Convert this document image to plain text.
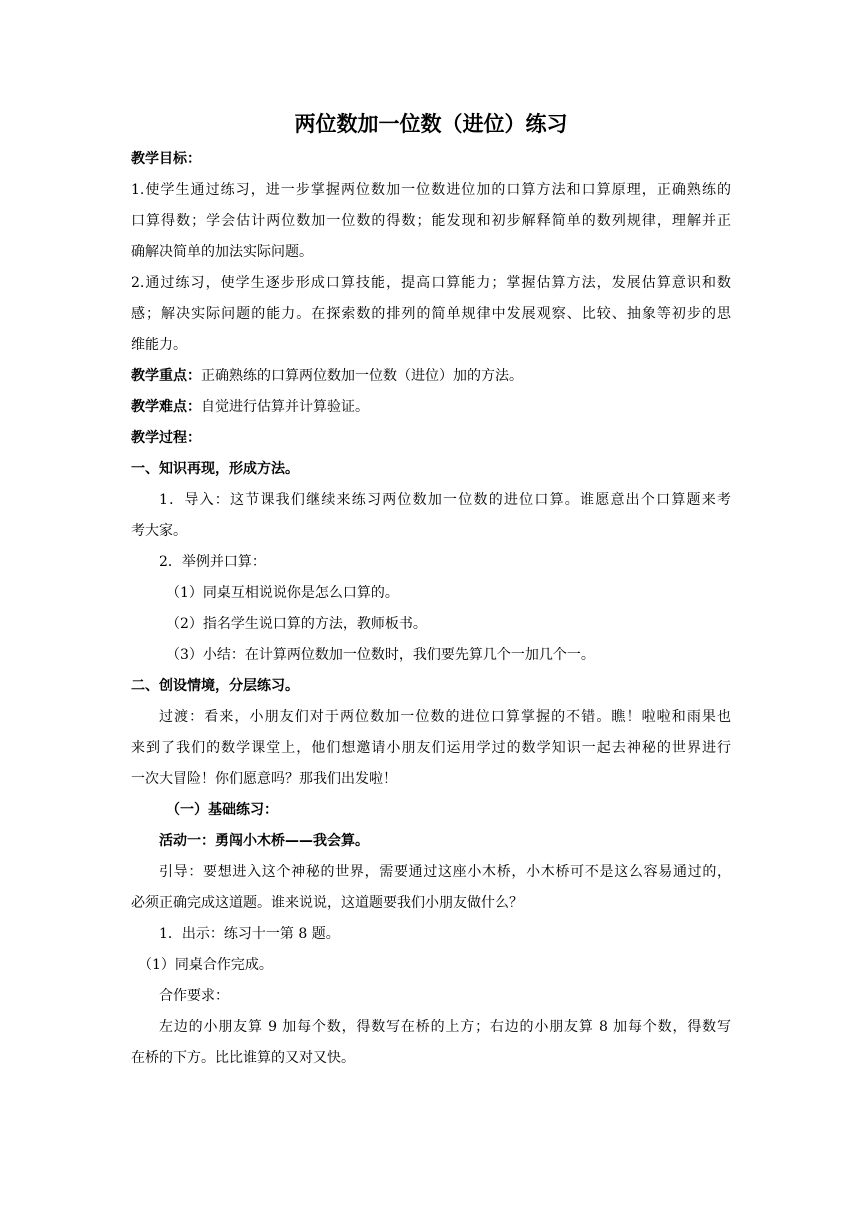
两位数加一位数（进位）练习
教学目标：
1.使学生通过练习，进一步掌握两位数加一位数进位加的口算方法和口算原理，正确熟练的
口算得数；学会估计两位数加一位数的得数；能发现和初步解释简单的数列规律，理解并正
确解决简单的加法实际问题。
2.通过练习，使学生逐步形成口算技能，提高口算能力；掌握估算方法，发展估算意识和数
感；解决实际问题的能力。在探索数的排列的简单规律中发展观察、比较、抽象等初步的思
维能力。
教学重点：正确熟练的口算两位数加一位数（进位）加的方法。
教学难点：自觉进行估算并计算验证。
教学过程：
一、知识再现，形成方法。
1．导入：这节课我们继续来练习两位数加一位数的进位口算。谁愿意出个口算题来考
考大家。
2．举例并口算：
（1）同桌互相说说你是怎么口算的。
（2）指名学生说口算的方法，教师板书。
（3）小结：在计算两位数加一位数时，我们要先算几个一加几个一。
二、创设情境，分层练习。
过渡：看来，小朋友们对于两位数加一位数的进位口算掌握的不错。瞧！啦啦和雨果也
来到了我们的数学课堂上，他们想邀请小朋友们运用学过的数学知识一起去神秘的世界进行
一次大冒险！你们愿意吗？那我们出发啦！
（一）基础练习：
活动一：勇闯小木桥——我会算。
引导：要想进入这个神秘的世界，需要通过这座小木桥，小木桥可不是这么容易通过的，
必须正确完成这道题。谁来说说，这道题要我们小朋友做什么？
1．出示：练习十一第 8 题。
（1）同桌合作完成。
合作要求：
左边的小朋友算 9 加每个数，得数写在桥的上方；右边的小朋友算 8 加每个数，得数写
在桥的下方。比比谁算的又对又快。
